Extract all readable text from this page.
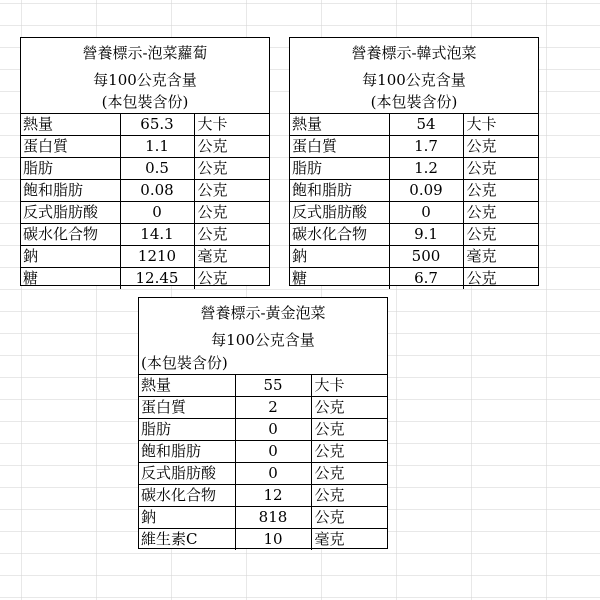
營養標示-泡菜蘿蔔
每100公克含量
(本包裝含份)
熱量	65.3	大卡
蛋白質	1.1	公克
脂肪	0.5	公克
飽和脂肪	0.08	公克
反式脂肪酸	0	公克
碳水化合物	14.1	公克
鈉	1210	毫克
糖	12.45	公克
營養標示-韓式泡菜
每100公克含量
(本包裝含份)
熱量	54	大卡
蛋白質	1.7	公克
脂肪	1.2	公克
飽和脂肪	0.09	公克
反式脂肪酸	0	公克
碳水化合物	9.1	公克
鈉	500	毫克
糖	6.7	公克
營養標示-黃金泡菜
每100公克含量
(本包裝含份)
熱量	55	大卡
蛋白質	2	公克
脂肪	0	公克
飽和脂肪	0	公克
反式脂肪酸	0	公克
碳水化合物	12	公克
鈉	818	公克
維生素C	10	毫克
